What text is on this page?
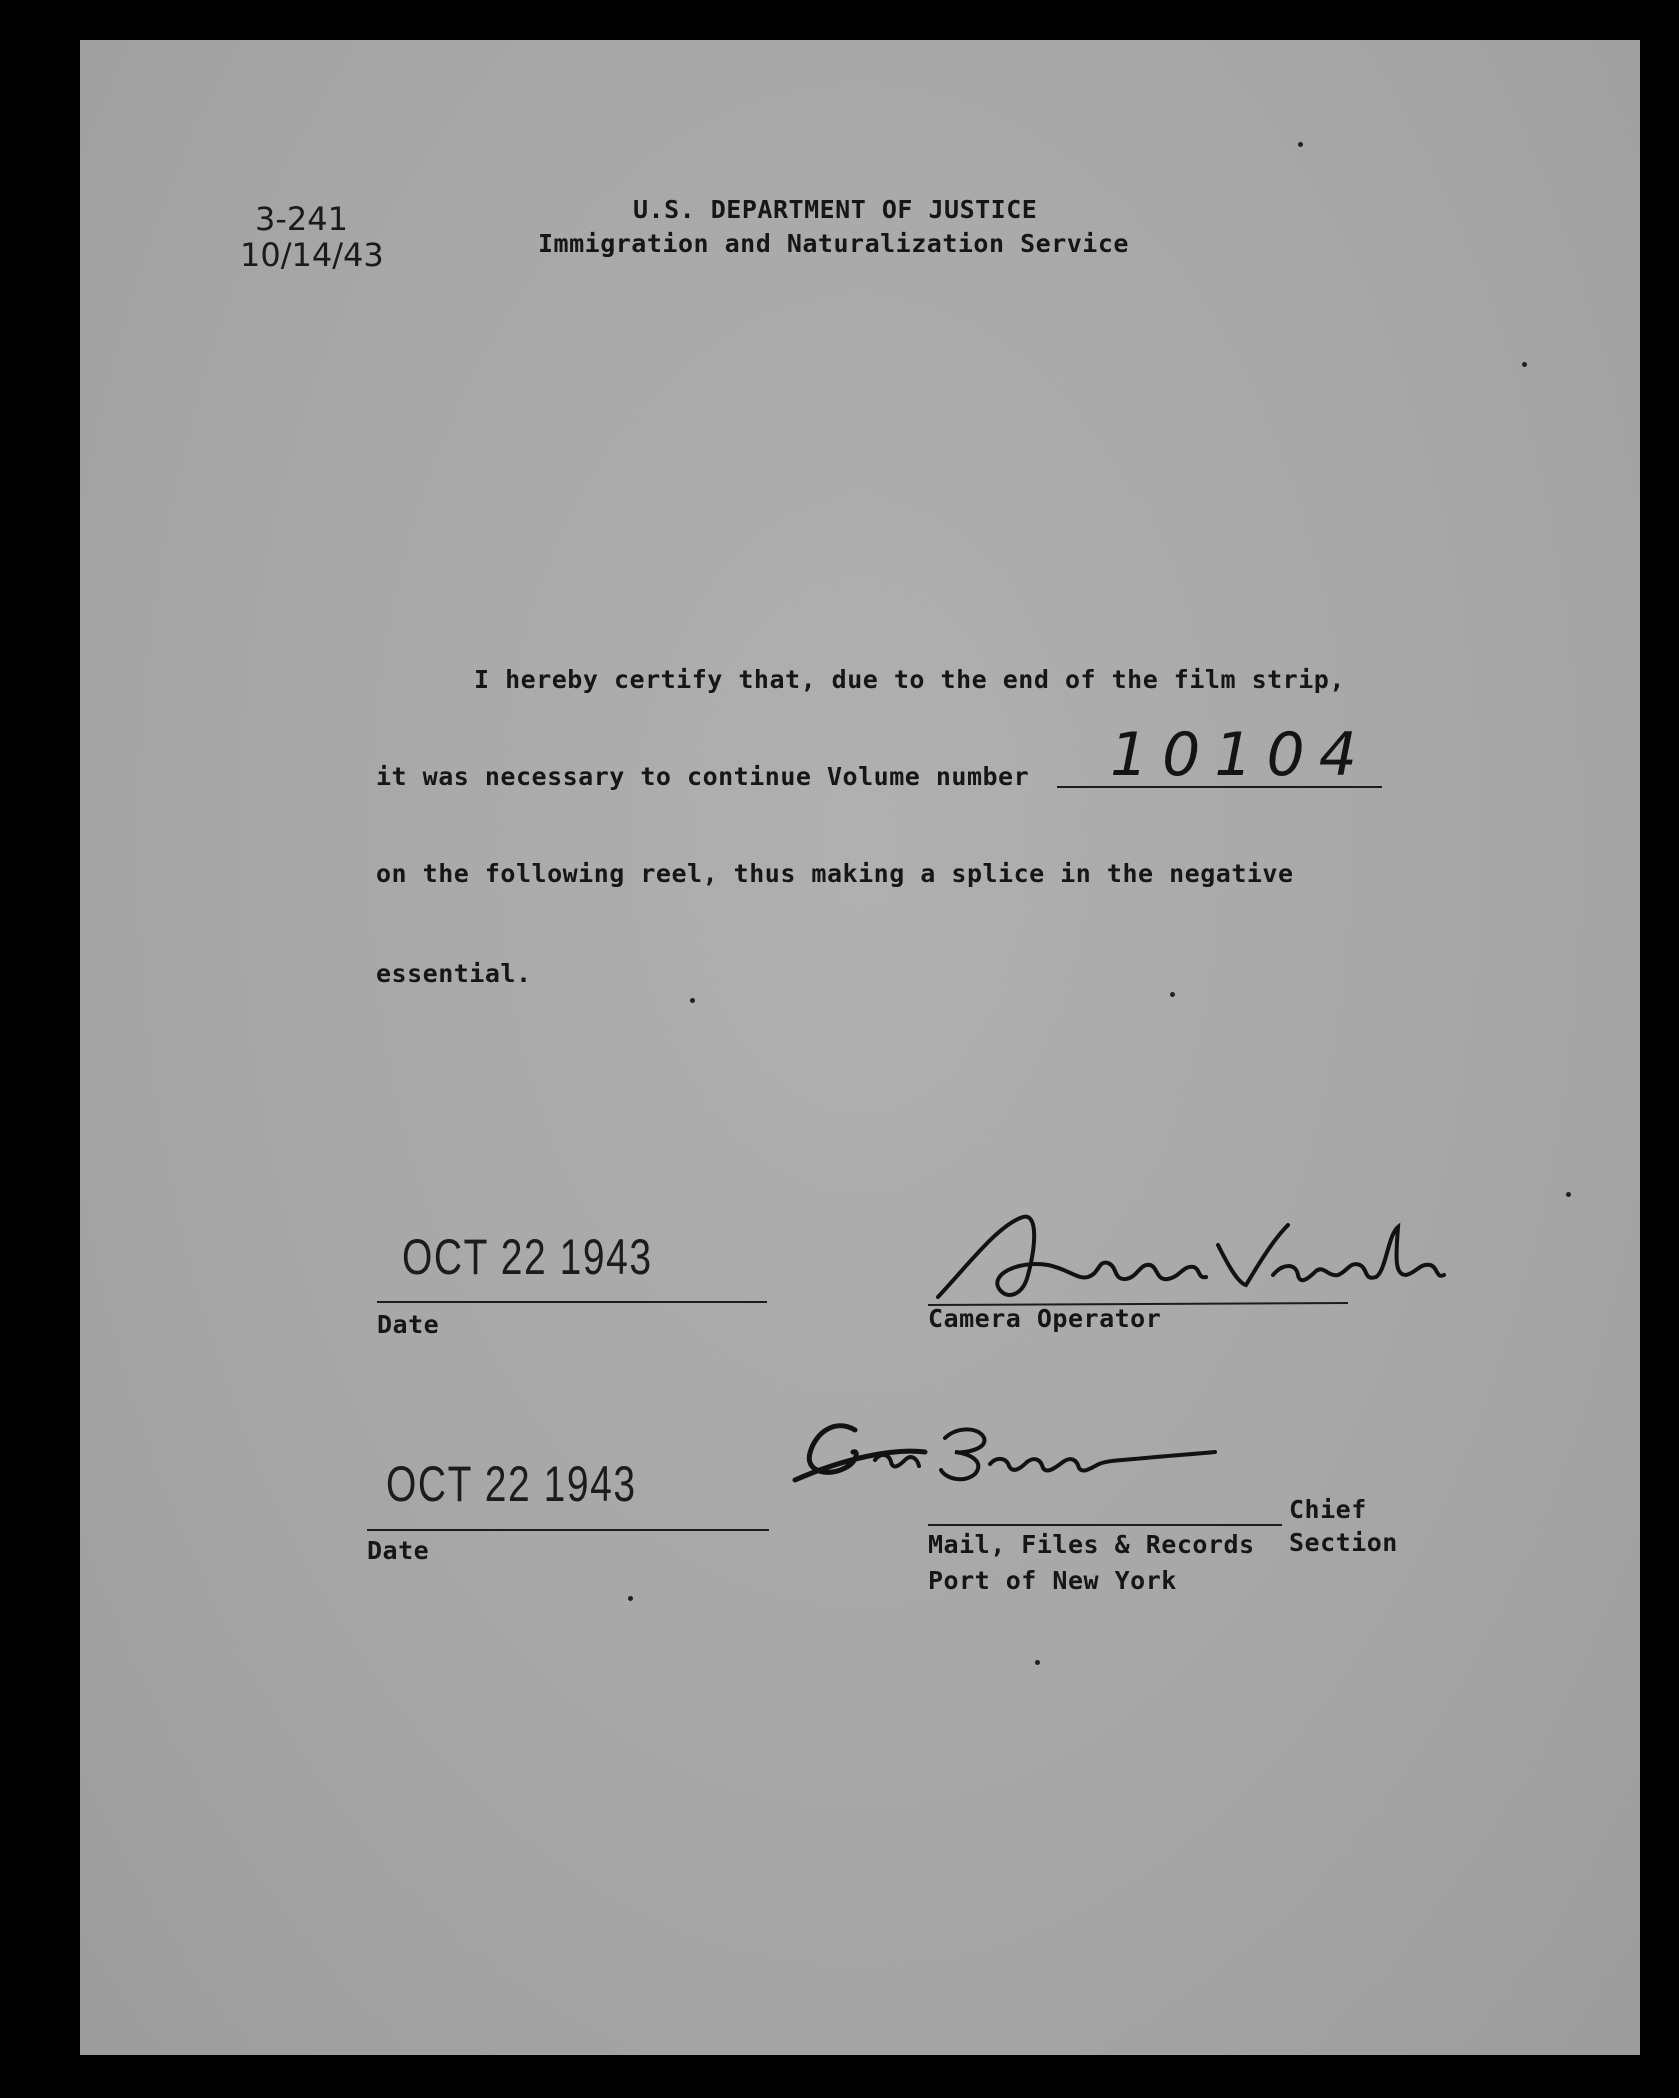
3-241
10/14/43
U.S. DEPARTMENT OF JUSTICE
Immigration and Naturalization Service
I hereby certify that, due to the end of the film strip,
it was necessary to continue Volume number 10104
on the following reel, thus making a splice in the negative
essential.
OCT 22 1943
Date	Camera Operator
OCT 22 1943
Date
Chief
Mail, Files & Records Section
Port of New York
